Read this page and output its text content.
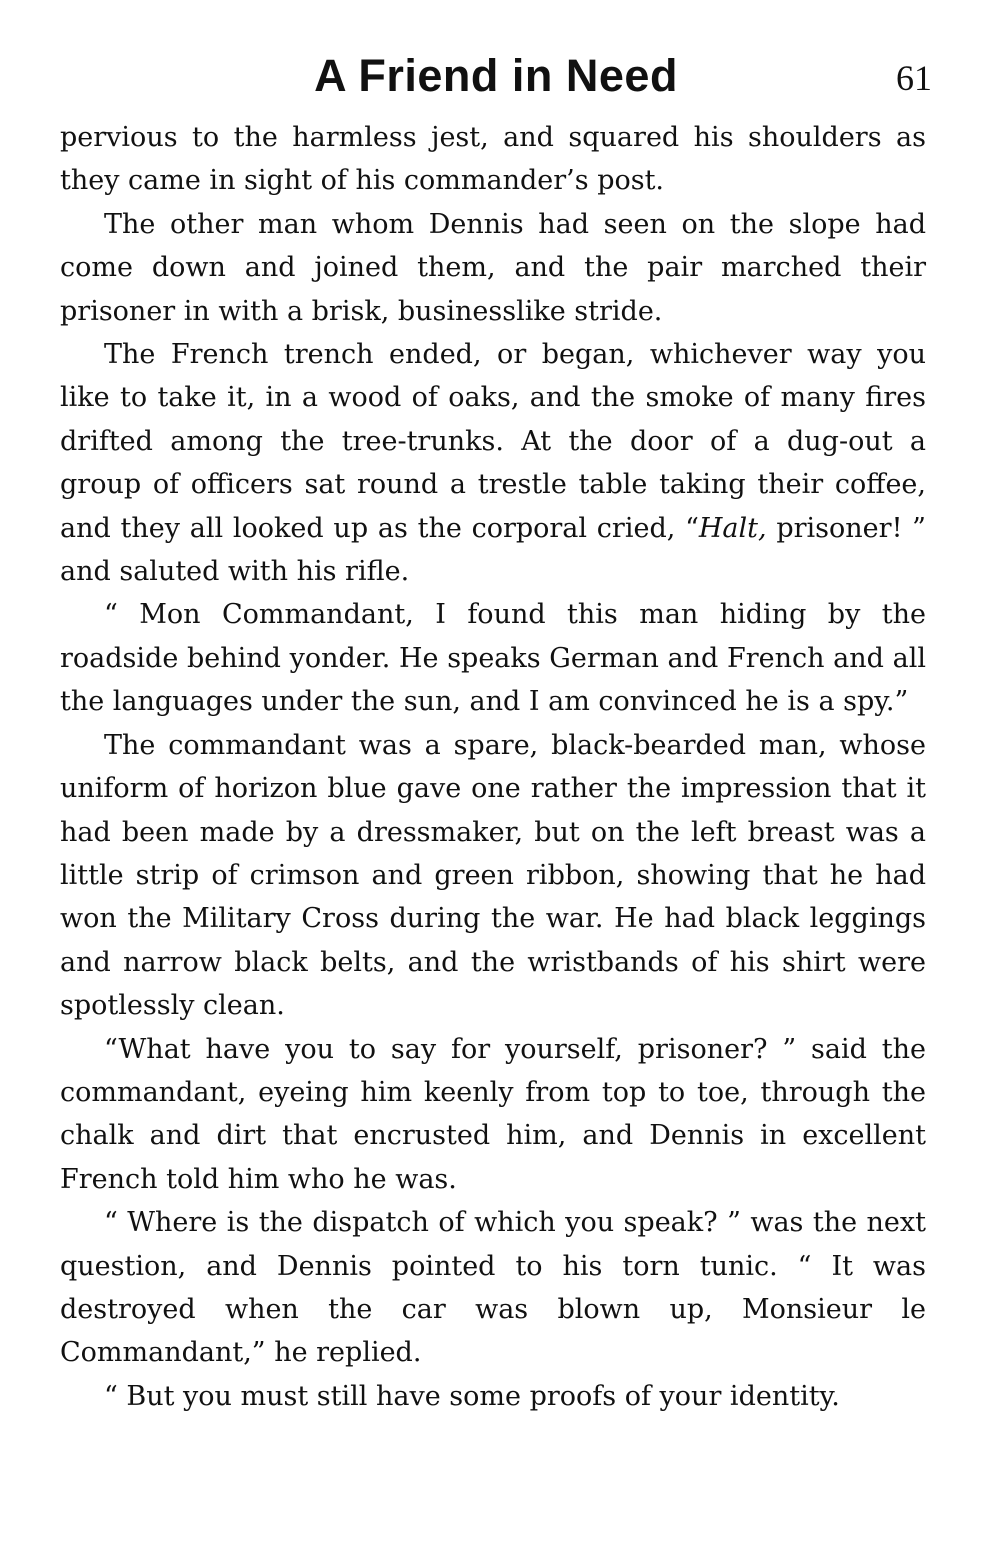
A Friend in Need	61

pervious to the harmless jest, and squared his shoulders as they came in sight of his commander’s post.

The other man whom Dennis had seen on the slope had come down and joined them, and the pair marched their prisoner in with a brisk, businesslike stride.

The French trench ended, or began, whichever way you like to take it, in a wood of oaks, and the smoke of many fires drifted among the tree-trunks. At the door of a dug-out a group of officers sat round a trestle table taking their coffee, and they all looked up as the corporal cried, “Halt, prisoner! ” and saluted with his rifle.

“ Mon Commandant, I found this man hiding by the roadside behind yonder. He speaks German and French and all the languages under the sun, and I am convinced he is a spy.”

The commandant was a spare, black-bearded man, whose uniform of horizon blue gave one rather the impression that it had been made by a dressmaker, but on the left breast was a little strip of crimson and green ribbon, showing that he had won the Military Cross during the war. He had black leggings and narrow black belts, and the wristbands of his shirt were spotlessly clean.

“What have you to say for yourself, prisoner? ” said the commandant, eyeing him keenly from top to toe, through the chalk and dirt that encrusted him, and Dennis in excellent French told him who he was.

“ Where is the dispatch of which you speak? ” was the next question, and Dennis pointed to his torn tunic. “ It was destroyed when the car was blown up, Monsieur le Commandant,” he replied.

“ But you must still have some proofs of your identity.
